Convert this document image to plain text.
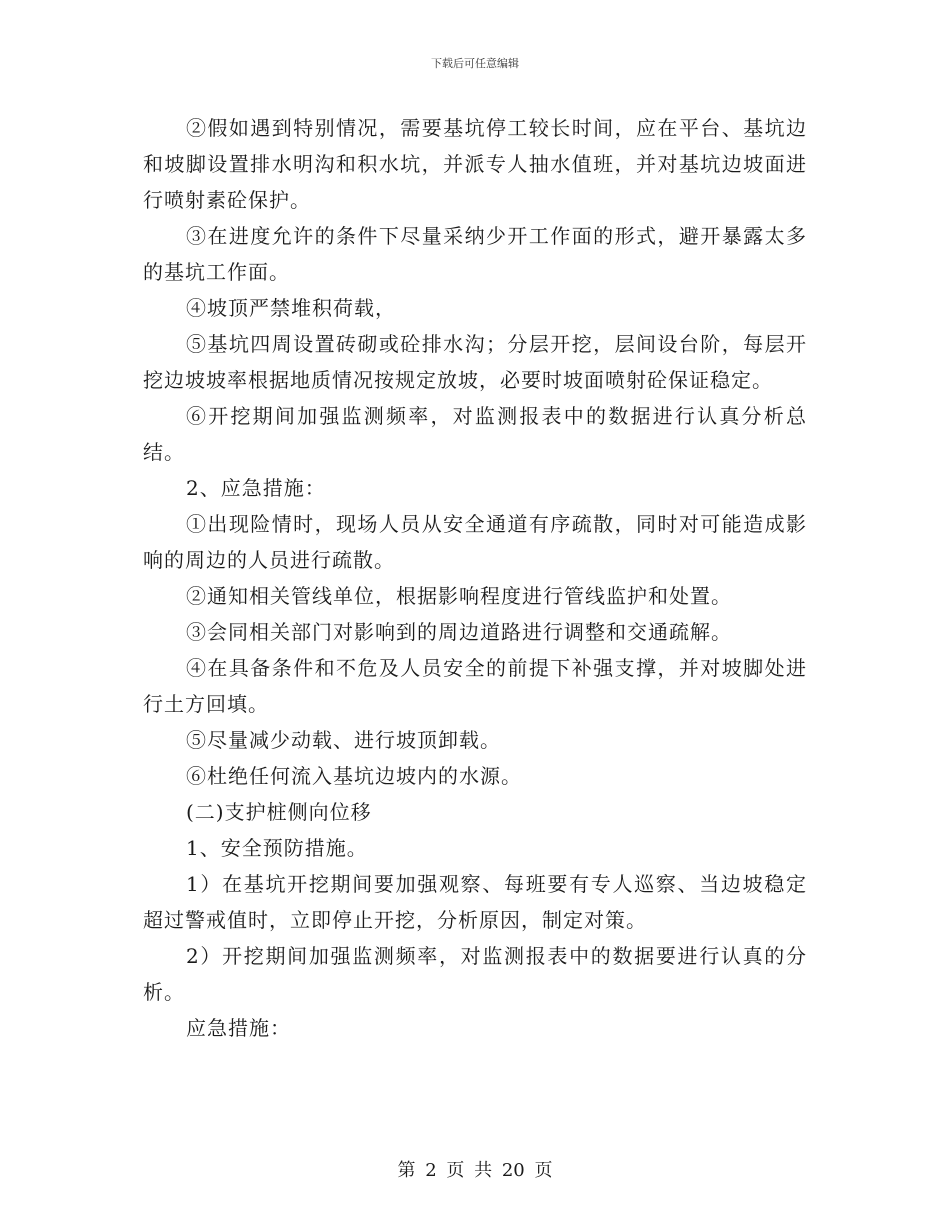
下载后可任意编辑

②假如遇到特别情况，需要基坑停工较长时间，应在平台、基坑边和坡脚设置排水明沟和积水坑，并派专人抽水值班，并对基坑边坡面进行喷射素砼保护。

③在进度允许的条件下尽量采纳少开工作面的形式，避开暴露太多的基坑工作面。

④坡顶严禁堆积荷载，

⑤基坑四周设置砖砌或砼排水沟；分层开挖，层间设台阶，每层开挖边坡坡率根据地质情况按规定放坡，必要时坡面喷射砼保证稳定。

⑥开挖期间加强监测频率，对监测报表中的数据进行认真分析总结。

2、应急措施：

①出现险情时，现场人员从安全通道有序疏散，同时对可能造成影响的周边的人员进行疏散。

②通知相关管线单位，根据影响程度进行管线监护和处置。

③会同相关部门对影响到的周边道路进行调整和交通疏解。

④在具备条件和不危及人员安全的前提下补强支撑，并对坡脚处进行土方回填。

⑤尽量减少动载、进行坡顶卸载。

⑥杜绝任何流入基坑边坡内的水源。

(二)支护桩侧向位移

1、安全预防措施。

1）在基坑开挖期间要加强观察、每班要有专人巡察、当边坡稳定超过警戒值时，立即停止开挖，分析原因，制定对策。

2）开挖期间加强监测频率，对监测报表中的数据要进行认真的分析。

应急措施：

第 2 页 共 20 页
